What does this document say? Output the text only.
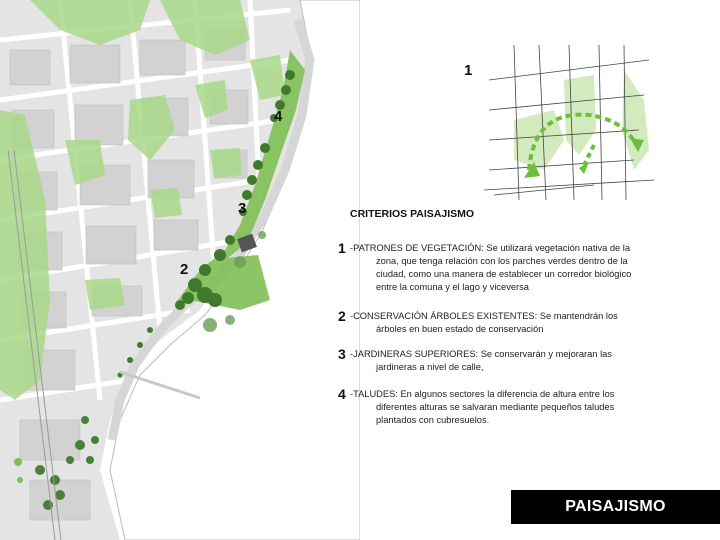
4
3
2
1
CRITERIOS PAISAJISMO
1 -PATRONES DE VEGETACIÓN: Se utilizará vegetación nativa de la
zona, que tenga relación con los parches verdes dentro de la ciudad, como una manera de establecer un corredor biológico entre la comuna y el lago y viceversa
2 -CONSERVACIÓN ÁRBOLES EXISTENTES: Se mantendrán los
árboles en buen estado de conservación
3 -JARDINERAS SUPERIORES: Se conservarán y mejoraran las
jardineras a nivel de calle,
4 -TALUDES: En algunos sectores la diferencia de altura entre los
diferentes alturas se salvaran mediante pequeños taludes plantados con cubresuelos.
PAISAJISMO
